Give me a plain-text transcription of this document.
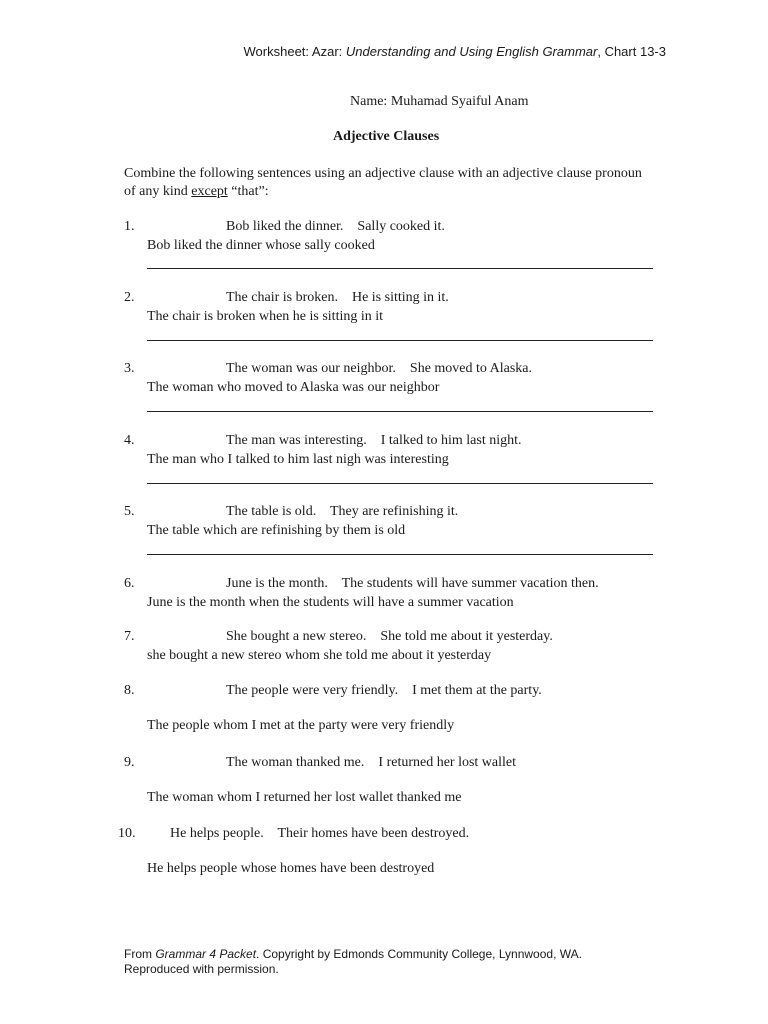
Worksheet: Azar: Understanding and Using English Grammar, Chart 13-3
Name: Muhamad Syaiful Anam
Adjective Clauses
Combine the following sentences using an adjective clause with an adjective clause pronoun of any kind except “that”:
1.	Bob liked the dinner.    Sally cooked it.
Bob liked the dinner whose sally cooked
2.	The chair is broken.    He is sitting in it.
The chair is broken when he is sitting in it
3.	The woman was our neighbor.    She moved to Alaska.
The woman who moved to Alaska was our neighbor
4.	The man was interesting.    I talked to him last night.
The man who I talked to him last nigh was interesting
5.	The table is old.    They are refinishing it.
The table which are refinishing by them is old
6.	June is the month.    The students will have summer vacation then.
June is the month when the students will have a summer vacation
7.	She bought a new stereo.    She told me about it yesterday.
she bought a new stereo whom she told me about it yesterday
8.	The people were very friendly.    I met them at the party.
The people whom I met at the party were very friendly
9.	The woman thanked me.    I returned her lost wallet
The woman whom I returned her lost wallet thanked me
10. He helps people.    Their homes have been destroyed.
He helps people whose homes have been destroyed
From Grammar 4 Packet. Copyright by Edmonds Community College, Lynnwood, WA.
Reproduced with permission.
